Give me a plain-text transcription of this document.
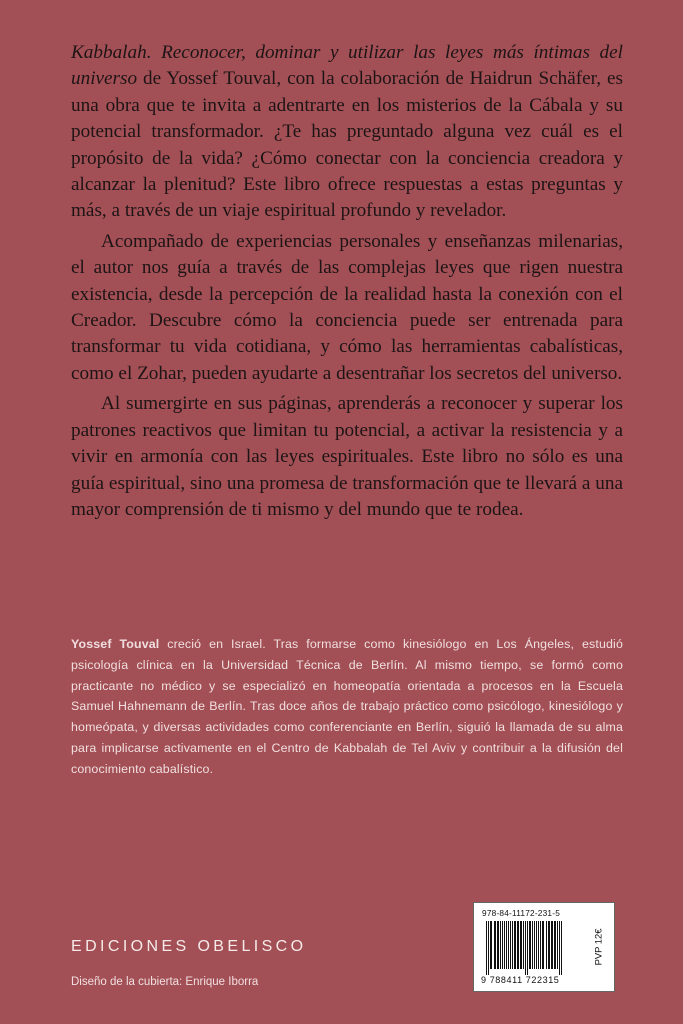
Kabbalah. Reconocer, dominar y utilizar las leyes más íntimas del universo de Yossef Touval, con la colaboración de Haidrun Schäfer, es una obra que te invita a adentrarte en los misterios de la Cábala y su potencial transformador. ¿Te has preguntado alguna vez cuál es el propósito de la vida? ¿Cómo conectar con la conciencia creadora y alcanzar la plenitud? Este libro ofrece respuestas a estas preguntas y más, a través de un viaje espiritual profundo y revelador.

Acompañado de experiencias personales y enseñanzas milenarias, el autor nos guía a través de las complejas leyes que rigen nuestra existencia, desde la percepción de la realidad hasta la conexión con el Creador. Descubre cómo la conciencia puede ser entrenada para transformar tu vida cotidiana, y cómo las herramientas cabalísticas, como el Zohar, pueden ayudarte a desentrañar los secretos del universo.

Al sumergirte en sus páginas, aprenderás a reconocer y superar los patrones reactivos que limitan tu potencial, a activar la resistencia y a vivir en armonía con las leyes espirituales. Este libro no sólo es una guía espiritual, sino una promesa de transformación que te llevará a una mayor comprensión de ti mismo y del mundo que te rodea.

Yossef Touval creció en Israel. Tras formarse como kinesiólogo en Los Ángeles, estudió psicología clínica en la Universidad Técnica de Berlín. Al mismo tiempo, se formó como practicante no médico y se especializó en homeopatía orientada a procesos en la Escuela Samuel Hahnemann de Berlín. Tras doce años de trabajo práctico como psicólogo, kinesiólogo y homeópata, y diversas actividades como conferenciante en Berlín, siguió la llamada de su alma para implicarse activamente en el Centro de Kabbalah de Tel Aviv y contribuir a la difusión del conocimiento cabalístico.

EDICIONES OBELISCO

Diseño de la cubierta: Enrique Iborra

978-84-11172-231-5
9 788411 722315
PVP 12€
